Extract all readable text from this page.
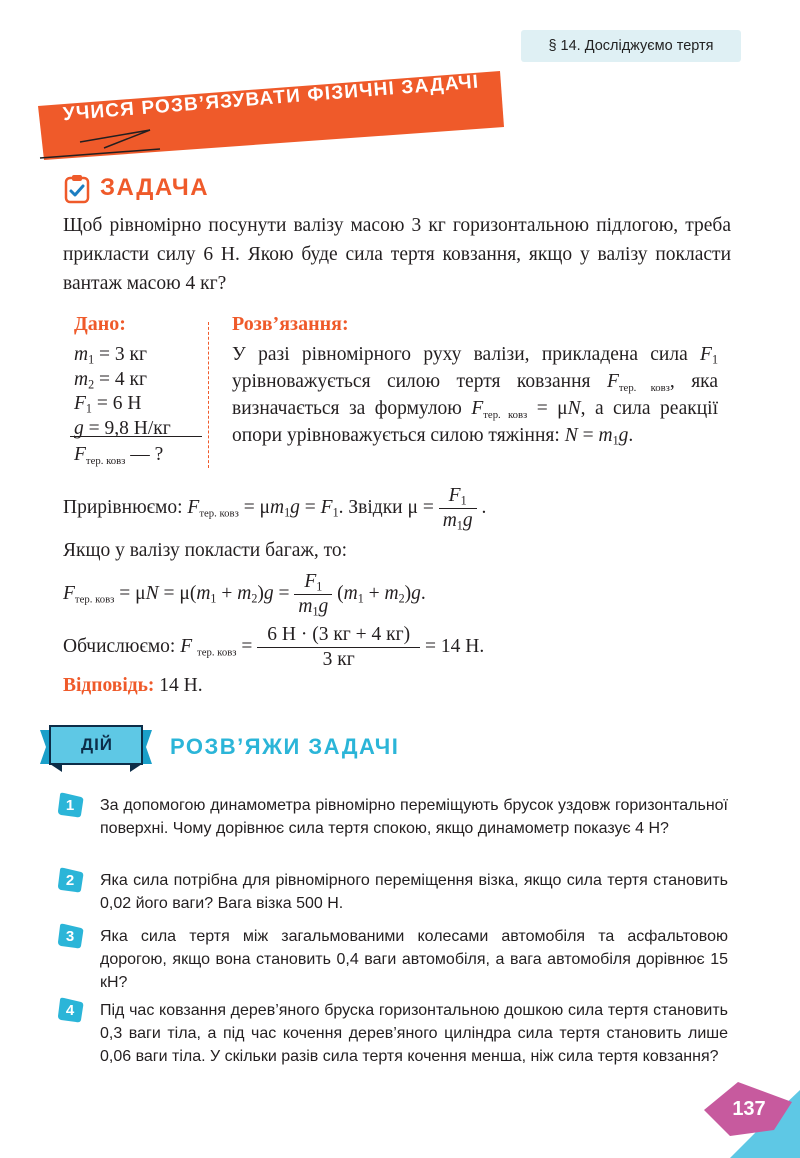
§ 14. Досліджуємо тертя
УЧИСЯ РОЗВ’ЯЗУВАТИ ФІЗИЧНІ ЗАДАЧІ
ЗАДАЧА
Щоб рівномірно посунути валізу масою 3 кг горизонтальною підлогою, треба прикласти силу 6 Н. Якою буде сила тертя ковзання, якщо у валізу покласти вантаж масою 4 кг?
Дано:
$m_1 = 3$ кг
$m_2 = 4$ кг
$F_1 = 6$ Н
g = 9,8 Н/кг
Fтер. ковз — ?
Розв’язання:
У разі рівномірного руху валізи, прикладена сила $F_1$ урівноважується силою тертя ковзання Fтер. ковз, яка визначається за формулою Fтер. ковз = μN, а сила реакції опори урівноважується силою тяжіння: $N = m_1g$.
Прирівнюємо: Fтер. ковз = $\mu m_1g = F_1$. Звідки $\mu = \frac{F_1}{m_1g}$ .
Якщо у валізу покласти багаж, то:
Fтер. ковз = $\mu N = \mu(m_1 + m_2)g = \frac{F_1}{m_1g} (m_1 + m_2)g$.
Обчислюємо: F тер. ковз = $\frac{6 Н \cdot (3 кг + 4 кг)}{3 кг} = 14$ Н.
Відповідь: 14 Н.
ДІЙ	РОЗВ’ЯЖИ ЗАДАЧІ
1	За допомогою динамометра рівномірно переміщують брусок уздовж горизонтальної поверхні. Чому дорівнює сила тертя спокою, якщо динамометр показує 4 Н?
2	Яка сила потрібна для рівномірного переміщення візка, якщо сила тертя становить 0,02 його ваги? Вага візка 500 Н.
3	Яка сила тертя між загальмованими колесами автомобіля та асфальтовою дорогою, якщо вона становить 0,4 ваги автомобіля, а вага автомобіля дорівнює 15 кН?
4	Під час ковзання дерев’яного бруска горизонтальною дошкою сила тертя становить 0,3 ваги тіла, а під час кочення дерев’яного циліндра сила тертя становить лише 0,06 ваги тіла. У скільки разів сила тертя кочення менша, ніж сила тертя ковзання?
137
